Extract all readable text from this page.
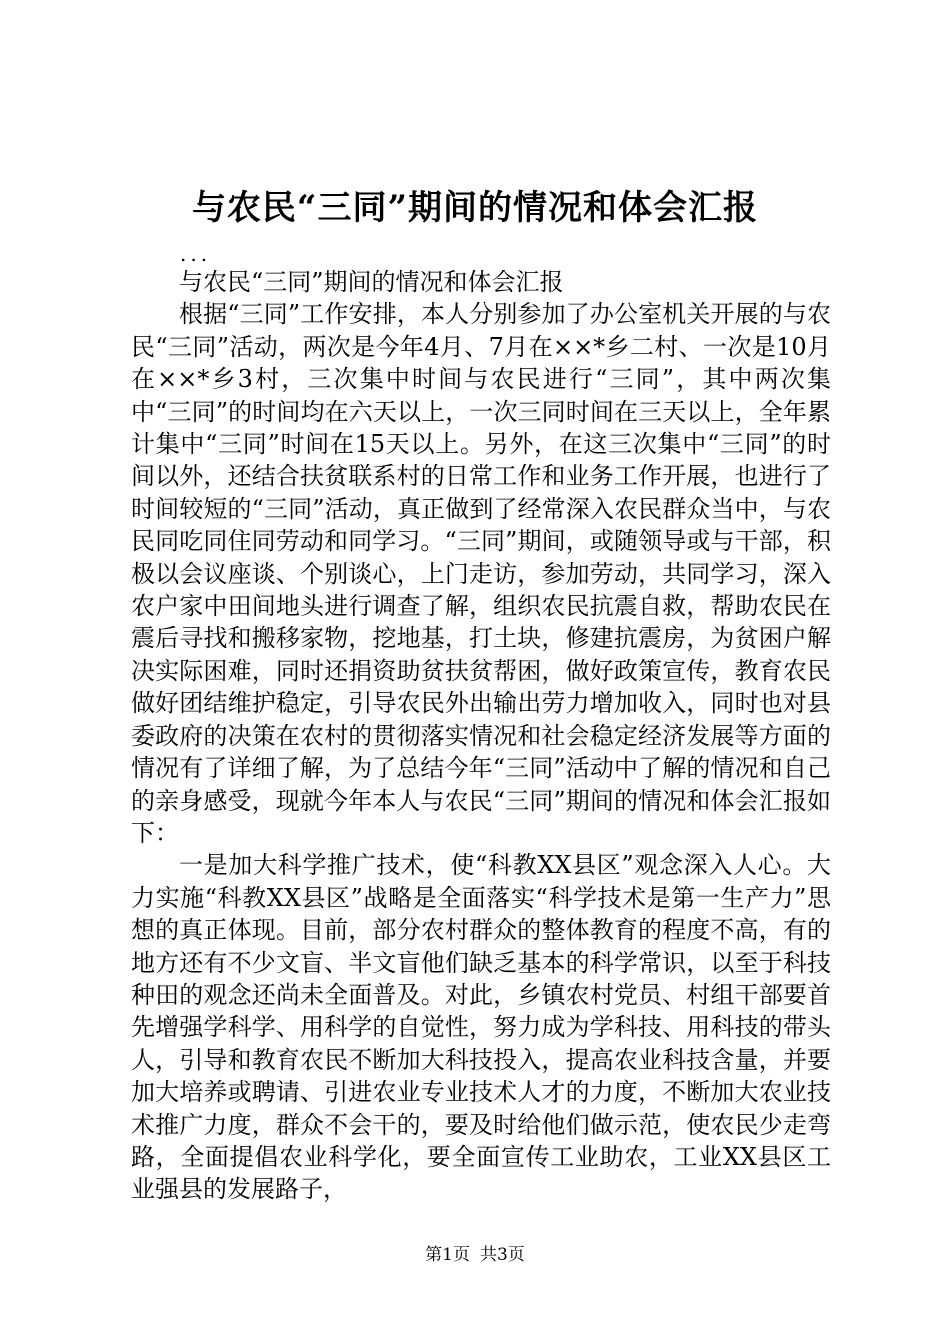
与农民“三同”期间的情况和体会汇报
...

与农民“三同”期间的情况和体会汇报

根据“三同”工作安排，本人分别参加了办公室机关开展的与农民“三同”活动，两次是今年4月、7月在××*乡二村、一次是10月在××*乡3村，三次集中时间与农民进行“三同”，其中两次集中“三同”的时间均在六天以上，一次三同时间在三天以上，全年累计集中“三同”时间在15天以上。另外，在这三次集中“三同”的时间以外，还结合扶贫联系村的日常工作和业务工作开展，也进行了时间较短的“三同”活动，真正做到了经常深入农民群众当中，与农民同吃同住同劳动和同学习。“三同”期间，或随领导或与干部，积极以会议座谈、个别谈心，上门走访，参加劳动，共同学习，深入农户家中田间地头进行调查了解，组织农民抗震自救，帮助农民在震后寻找和搬移家物，挖地基，打土块，修建抗震房，为贫困户解决实际困难，同时还捐资助贫扶贫帮困，做好政策宣传，教育农民做好团结维护稳定，引导农民外出输出劳力增加收入，同时也对县委政府的决策在农村的贯彻落实情况和社会稳定经济发展等方面的情况有了详细了解，为了总结今年“三同”活动中了解的情况和自己的亲身感受，现就今年本人与农民“三同”期间的情况和体会汇报如下：

一是加大科学推广技术，使“科教XX县区”观念深入人心。大力实施“科教XX县区”战略是全面落实“科学技术是第一生产力”思想的真正体现。目前，部分农村群众的整体教育的程度不高，有的地方还有不少文盲、半文盲他们缺乏基本的科学常识，以至于科技种田的观念还尚未全面普及。对此，乡镇农村党员、村组干部要首先增强学科学、用科学的自觉性，努力成为学科技、用科技的带头人，引导和教育农民不断加大科技投入，提高农业科技含量，并要加大培养或聘请、引进农业专业技术人才的力度，不断加大农业技术推广力度，群众不会干的，要及时给他们做示范，使农民少走弯路，全面提倡农业科学化，要全面宣传工业助农，工业XX县区工业强县的发展路子，

第1页 共3页
